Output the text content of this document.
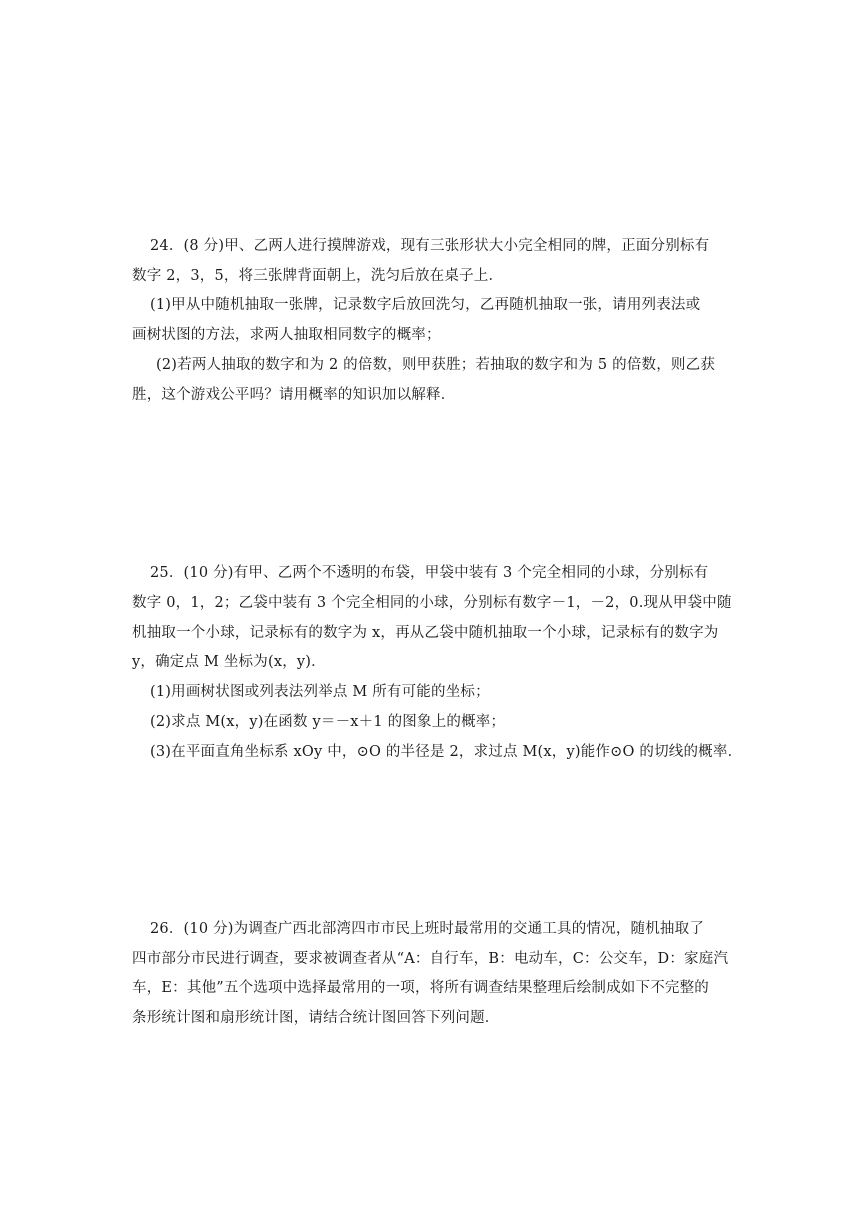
24．(8 分)甲、乙两人进行摸牌游戏，现有三张形状大小完全相同的牌，正面分别标有
数字 2，3，5，将三张牌背面朝上，洗匀后放在桌子上．
(1)甲从中随机抽取一张牌，记录数字后放回洗匀，乙再随机抽取一张，请用列表法或
画树状图的方法，求两人抽取相同数字的概率；
(2)若两人抽取的数字和为 2 的倍数，则甲获胜；若抽取的数字和为 5 的倍数，则乙获
胜，这个游戏公平吗？请用概率的知识加以解释．
25．(10 分)有甲、乙两个不透明的布袋，甲袋中装有 3 个完全相同的小球，分别标有
数字 0，1，2；乙袋中装有 3 个完全相同的小球，分别标有数字－1，－2，0.现从甲袋中随
机抽取一个小球，记录标有的数字为 x，再从乙袋中随机抽取一个小球，记录标有的数字为
y，确定点 M 坐标为(x，y)．
(1)用画树状图或列表法列举点 M 所有可能的坐标；
(2)求点 M(x，y)在函数 y＝－x＋1 的图象上的概率；
(3)在平面直角坐标系 xOy 中，⊙O 的半径是 2，求过点 M(x，y)能作⊙O 的切线的概率．
26．(10 分)为调查广西北部湾四市市民上班时最常用的交通工具的情况，随机抽取了
四市部分市民进行调查，要求被调查者从“A：自行车，B：电动车，C：公交车，D：家庭汽
车，E：其他”五个选项中选择最常用的一项，将所有调查结果整理后绘制成如下不完整的
条形统计图和扇形统计图，请结合统计图回答下列问题．
